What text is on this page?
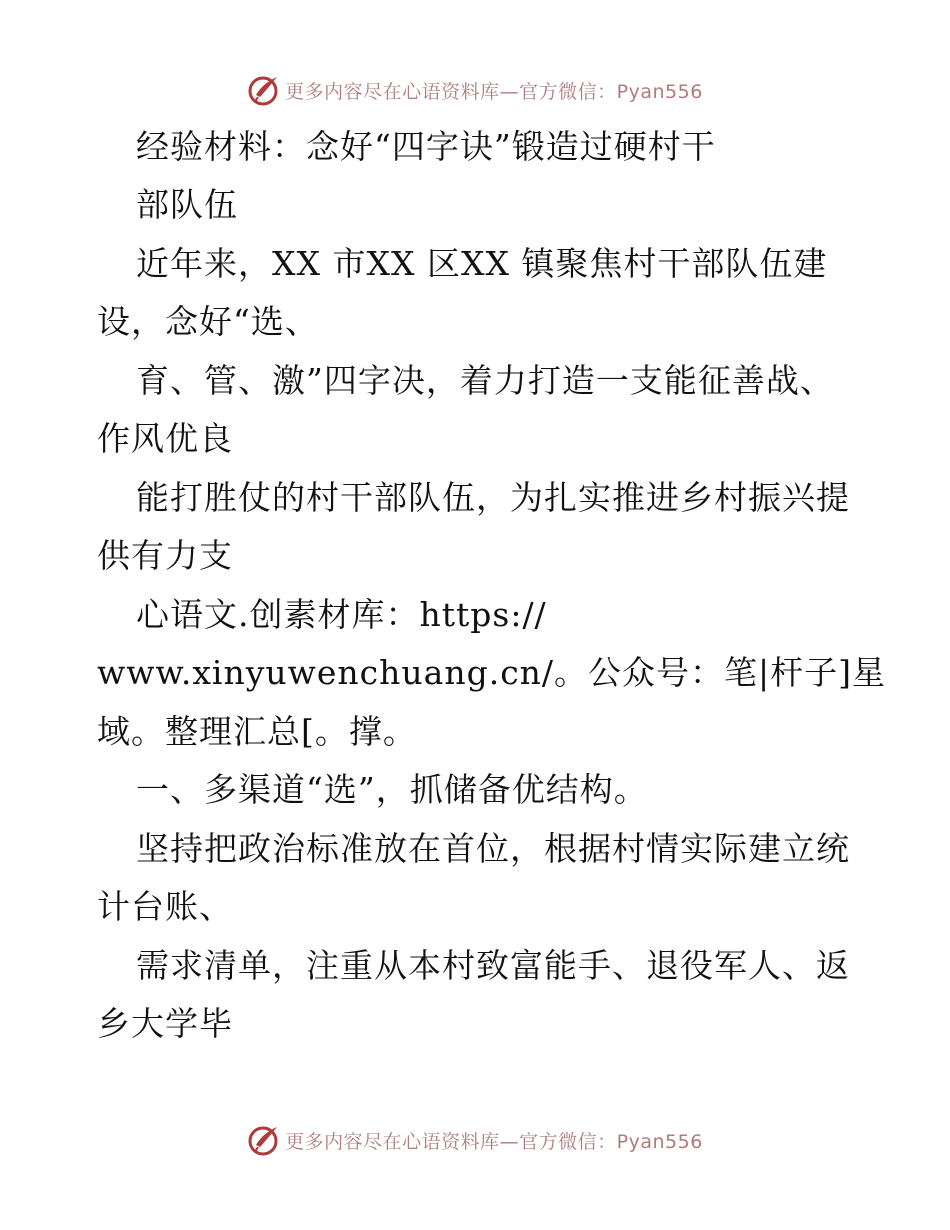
更多内容尽在心语资料库—官方微信：Pyan556
经验材料：念好“四字诀”锻造过硬村干
部队伍
近年来，XX 市XX 区XX 镇聚焦村干部队伍建
设，念好“选、
育、管、激”四字决，着力打造一支能征善战、
作风优良
能打胜仗的村干部队伍，为扎实推进乡村振兴提
供有力支
心语文.创素材库：https://
www.xinyuwenchuang.cn/。公众号：笔|杆子]星
域。整理汇总[。撑。
一、多渠道“选”，抓储备优结构。
坚持把政治标准放在首位，根据村情实际建立统
计台账、
需求清单，注重从本村致富能手、退役军人、返
乡大学毕
更多内容尽在心语资料库—官方微信：Pyan556
